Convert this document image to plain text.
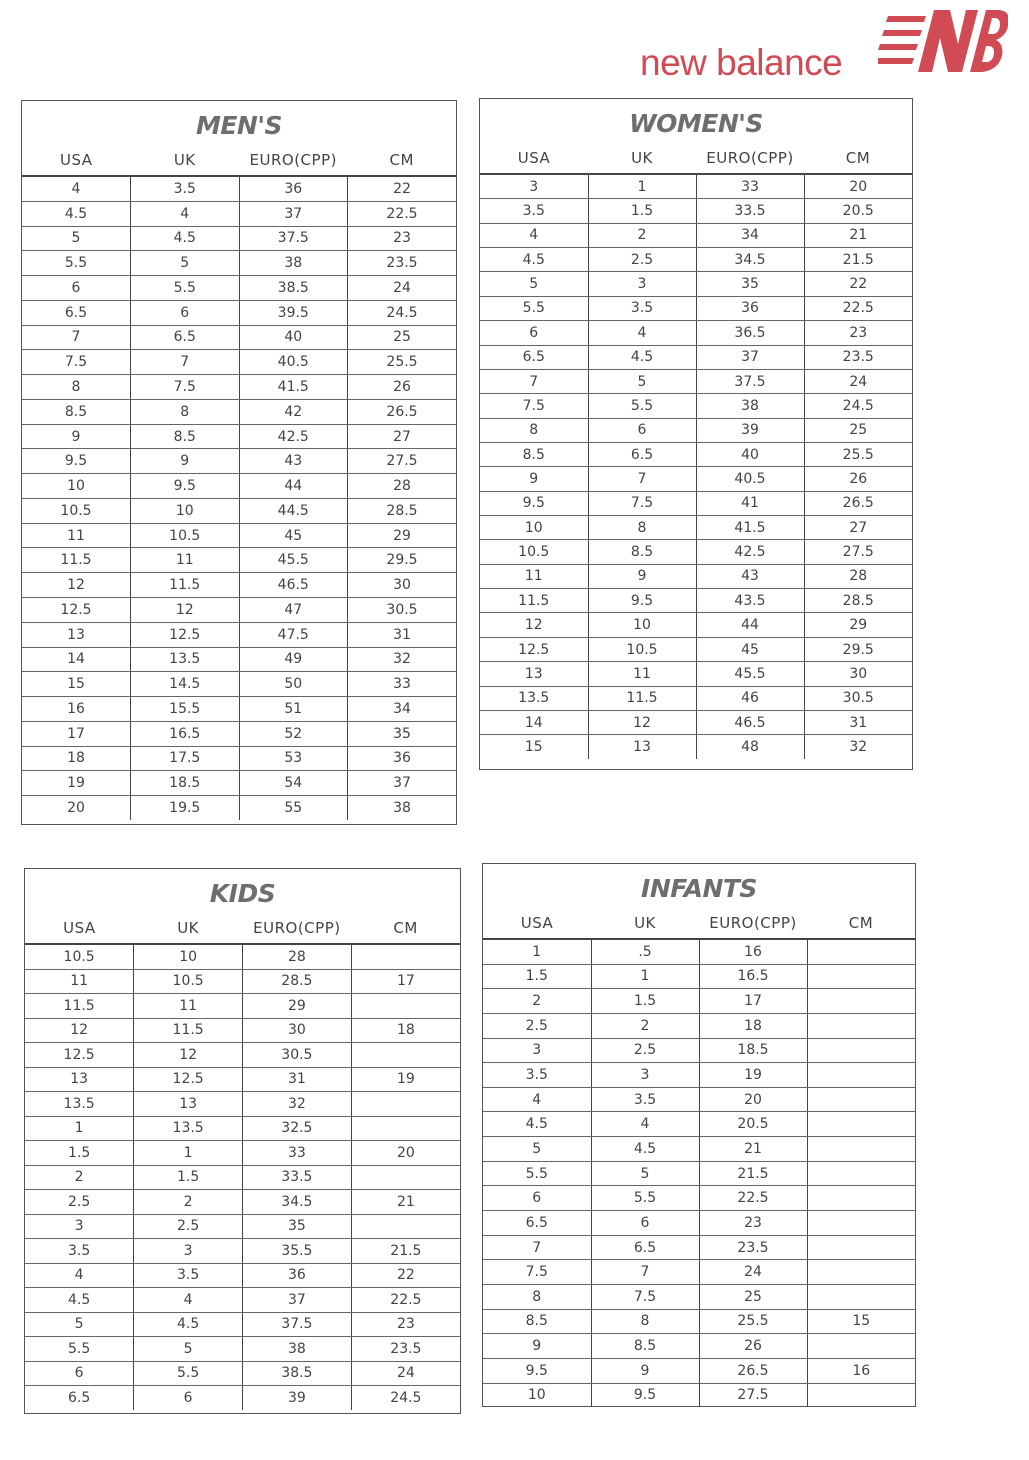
new balance
MEN'S
USA	UK	EURO(CPP)	CM
4	3.5	36	22
4.5	4	37	22.5
5	4.5	37.5	23
5.5	5	38	23.5
6	5.5	38.5	24
6.5	6	39.5	24.5
7	6.5	40	25
7.5	7	40.5	25.5
8	7.5	41.5	26
8.5	8	42	26.5
9	8.5	42.5	27
9.5	9	43	27.5
10	9.5	44	28
10.5	10	44.5	28.5
11	10.5	45	29
11.5	11	45.5	29.5
12	11.5	46.5	30
12.5	12	47	30.5
13	12.5	47.5	31
14	13.5	49	32
15	14.5	50	33
16	15.5	51	34
17	16.5	52	35
18	17.5	53	36
19	18.5	54	37
20	19.5	55	38
WOMEN'S
USA	UK	EURO(CPP)	CM
3	1	33	20
3.5	1.5	33.5	20.5
4	2	34	21
4.5	2.5	34.5	21.5
5	3	35	22
5.5	3.5	36	22.5
6	4	36.5	23
6.5	4.5	37	23.5
7	5	37.5	24
7.5	5.5	38	24.5
8	6	39	25
8.5	6.5	40	25.5
9	7	40.5	26
9.5	7.5	41	26.5
10	8	41.5	27
10.5	8.5	42.5	27.5
11	9	43	28
11.5	9.5	43.5	28.5
12	10	44	29
12.5	10.5	45	29.5
13	11	45.5	30
13.5	11.5	46	30.5
14	12	46.5	31
15	13	48	32
KIDS
USA	UK	EURO(CPP)	CM
10.5	10	28	
11	10.5	28.5	17
11.5	11	29	
12	11.5	30	18
12.5	12	30.5	
13	12.5	31	19
13.5	13	32	
1	13.5	32.5	
1.5	1	33	20
2	1.5	33.5	
2.5	2	34.5	21
3	2.5	35	
3.5	3	35.5	21.5
4	3.5	36	22
4.5	4	37	22.5
5	4.5	37.5	23
5.5	5	38	23.5
6	5.5	38.5	24
6.5	6	39	24.5
INFANTS
USA	UK	EURO(CPP)	CM
1	.5	16	
1.5	1	16.5	
2	1.5	17	
2.5	2	18	
3	2.5	18.5	
3.5	3	19	
4	3.5	20	
4.5	4	20.5	
5	4.5	21	
5.5	5	21.5	
6	5.5	22.5	
6.5	6	23	
7	6.5	23.5	
7.5	7	24	
8	7.5	25	
8.5	8	25.5	15
9	8.5	26	
9.5	9	26.5	16
10	9.5	27.5	
